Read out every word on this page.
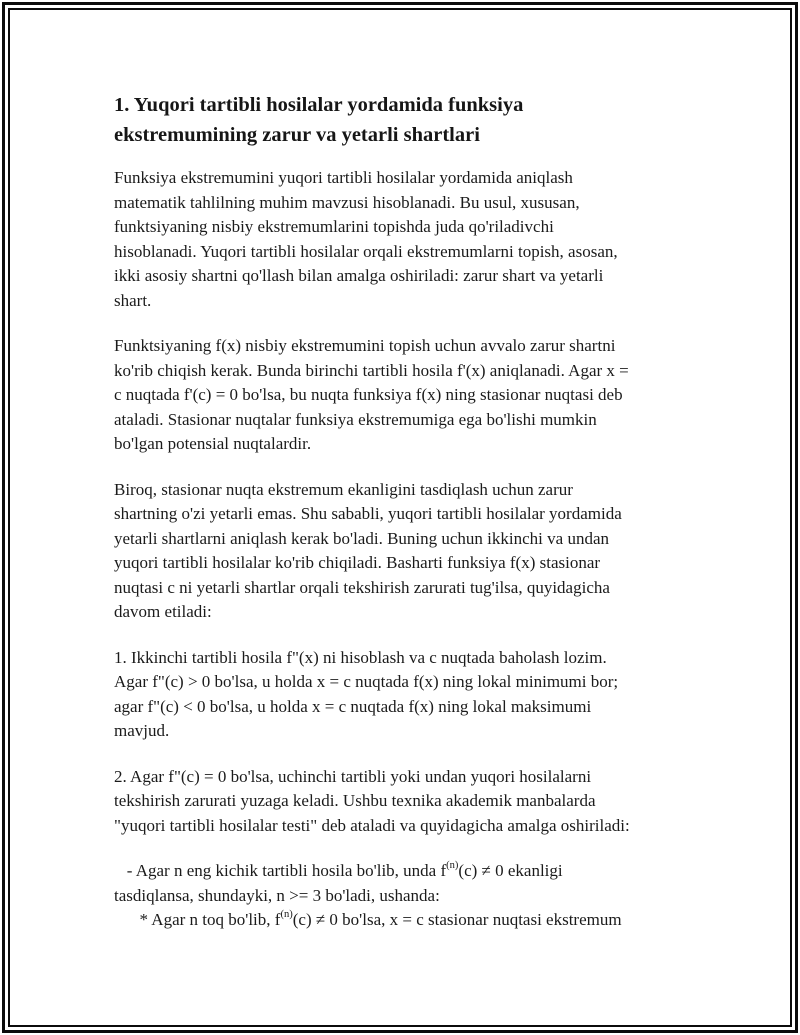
1. Yuqori tartibli hosilalar yordamida funksiya
ekstremumining zarur va yetarli shartlari

Funksiya ekstremumini yuqori tartibli hosilalar yordamida aniqlash
matematik tahlilning muhim mavzusi hisoblanadi. Bu usul, xususan,
funktsiyaning nisbiy ekstremumlarini topishda juda qo'riladivchi
hisoblanadi. Yuqori tartibli hosilalar orqali ekstremumlarni topish, asosan,
ikki asosiy shartni qo'llash bilan amalga oshiriladi: zarur shart va yetarli
shart.

Funktsiyaning f(x) nisbiy ekstremumini topish uchun avvalo zarur shartni
ko'rib chiqish kerak. Bunda birinchi tartibli hosila f'(x) aniqlanadi. Agar x =
c nuqtada f'(c) = 0 bo'lsa, bu nuqta funksiya f(x) ning stasionar nuqtasi deb
ataladi. Stasionar nuqtalar funksiya ekstremumiga ega bo'lishi mumkin
bo'lgan potensial nuqtalardir.

Biroq, stasionar nuqta ekstremum ekanligini tasdiqlash uchun zarur
shartning o'zi yetarli emas. Shu sababli, yuqori tartibli hosilalar yordamida
yetarli shartlarni aniqlash kerak bo'ladi. Buning uchun ikkinchi va undan
yuqori tartibli hosilalar ko'rib chiqiladi. Basharti funksiya f(x) stasionar
nuqtasi c ni yetarli shartlar orqali tekshirish zarurati tug'ilsa, quyidagicha
davom etiladi:

1. Ikkinchi tartibli hosila f"(x) ni hisoblash va c nuqtada baholash lozim.
Agar f"(c) > 0 bo'lsa, u holda x = c nuqtada f(x) ning lokal minimumi bor;
agar f"(c) < 0 bo'lsa, u holda x = c nuqtada f(x) ning lokal maksimumi
mavjud.

2. Agar f"(c) = 0 bo'lsa, uchinchi tartibli yoki undan yuqori hosilalarni
tekshirish zarurati yuzaga keladi. Ushbu texnika akademik manbalarda
"yuqori tartibli hosilalar testi" deb ataladi va quyidagicha amalga oshiriladi:

- Agar n eng kichik tartibli hosila bo'lib, unda $f^{(n)}(c) \ne 0$ ekanligi
tasdiqlansa, shundayki, n >= 3 bo'ladi, ushanda:
* Agar n toq bo'lib, $f^{(n)}(c) \ne 0$ bo'lsa, x = c stasionar nuqtasi ekstremum
